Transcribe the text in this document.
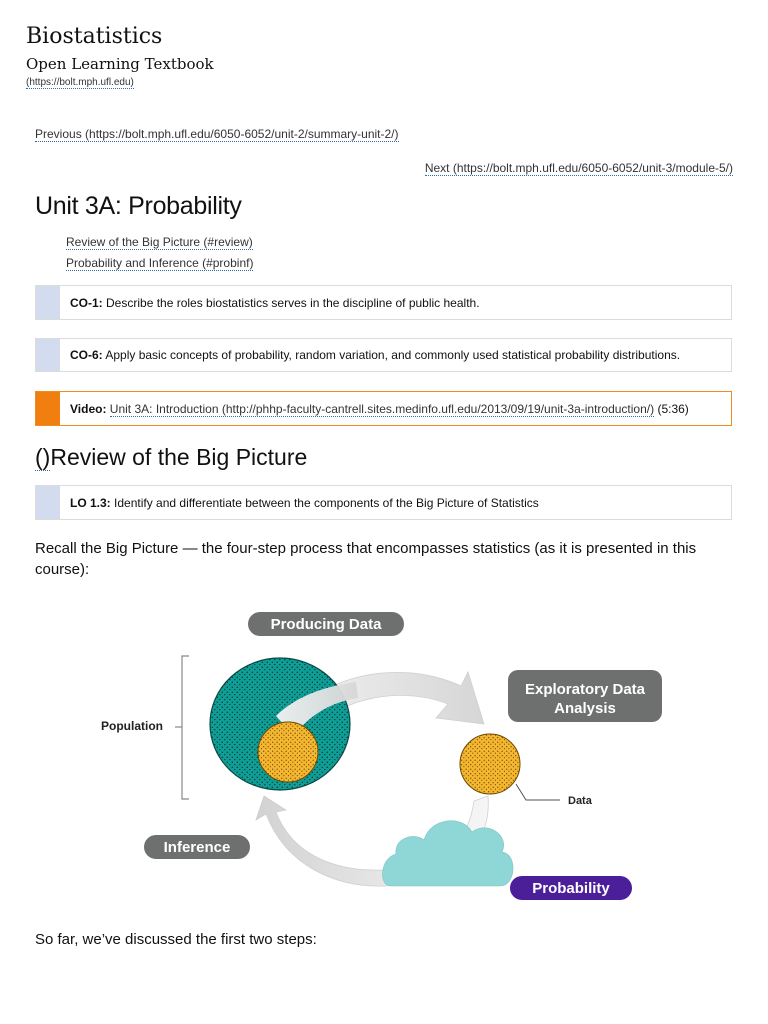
Biostatistics
Open Learning Textbook
(https://bolt.mph.ufl.edu)
Previous (https://bolt.mph.ufl.edu/6050-6052/unit-2/summary-unit-2/)
Next (https://bolt.mph.ufl.edu/6050-6052/unit-3/module-5/)
Unit 3A: Probability
Review of the Big Picture (#review)
Probability and Inference (#probinf)
CO-1: Describe the roles biostatistics serves in the discipline of public health.
CO-6: Apply basic concepts of probability, random variation, and commonly used statistical probability distributions.
Video: Unit 3A: Introduction (http://phhp-faculty-cantrell.sites.medinfo.ufl.edu/2013/09/19/unit-3a-introduction/) (5:36)
()Review of the Big Picture
LO 1.3: Identify and differentiate between the components of the Big Picture of Statistics
Recall the Big Picture — the four-step process that encompasses statistics (as it is presented in this course):
Producing Data
Exploratory Data
Analysis
Population
Data
Inference
Probability
So far, we’ve discussed the first two steps:
